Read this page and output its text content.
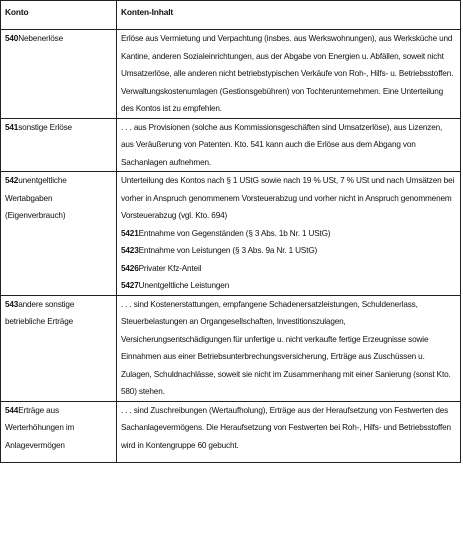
Konto	Konten-Inhalt
540Nebenerlöse	Erlöse aus Vermietung und Verpachtung (insbes. aus Werkswohnungen), aus Werksküche und Kantine, anderen Sozialeinrichtungen, aus der Abgabe von Energien u. Abfällen, soweit nicht Umsatzerlöse, alle anderen nicht betriebstypischen Verkäufe von Roh-, Hilfs- u. Betriebsstoffen. Verwaltungskostenumlagen (Gestionsgebühren) von Tochterunternehmen. Eine Unterteilung des Kontos ist zu empfehlen.

541sonstige Erlöse	. . . aus Provisionen (solche aus Kommissionsgeschäften sind Umsatzerlöse), aus Lizenzen, aus Veräußerung von Patenten. Kto. 541 kann auch die Erlöse aus dem Abgang von Sachanlagen aufnehmen.

542unentgeltliche Wertabgaben (Eigenverbrauch)	Unterteilung des Kontos nach § 1 UStG sowie nach 19 % USt, 7 % USt und nach Umsätzen bei vorher in Anspruch genommenem Vorsteuerabzug und vorher nicht in Anspruch genommenem Vorsteuerabzug (vgl. Kto. 694)
5421Entnahme von Gegenständen (§ 3 Abs. 1b Nr. 1 UStG)
5423Entnahme von Leistungen (§ 3 Abs. 9a Nr. 1 UStG)
5426Privater Kfz-Anteil
5427Unentgeltliche Leistungen

543andere sonstige betriebliche Erträge	. . . sind Kostenerstattungen, empfangene Schadenersatzleistungen, Schuldenerlass, Steuerbelastungen an Organgesellschaften, Investitionszulagen, Versicherungsentschädigungen für unfertige u. nicht verkaufte fertige Erzeugnisse sowie Einnahmen aus einer Betriebsunterbrechungsversicherung, Erträge aus Zuschüssen u. Zulagen, Schuldnachlässe, soweit sie nicht im Zusammenhang mit einer Sanierung (sonst Kto. 580) stehen.

544Erträge aus Werterhöhungen im Anlagevermögen	. . . sind Zuschreibungen (Wertaufholung), Erträge aus der Heraufsetzung von Festwerten des Sachanlagevermögens. Die Heraufsetzung von Festwerten bei Roh-, Hilfs- und Betriebsstoffen wird in Kontengruppe 60 gebucht.
